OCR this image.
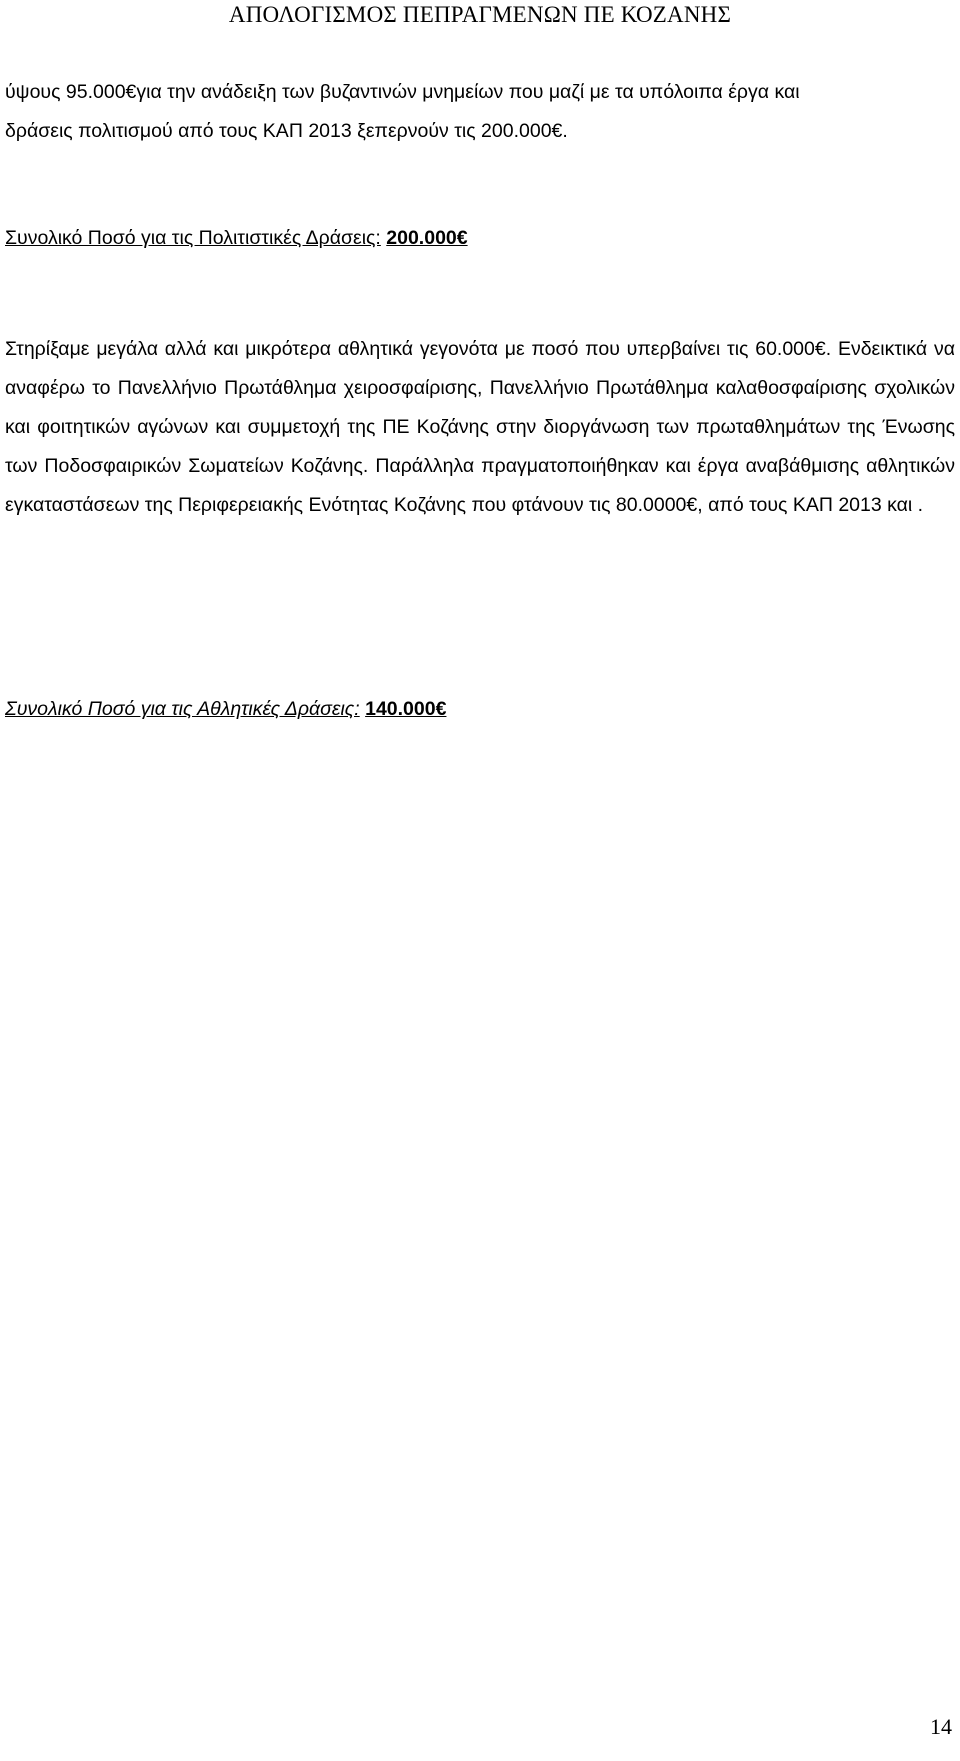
ΑΠΟΛΟΓΙΣΜΟΣ ΠΕΠΡΑΓΜΕΝΩΝ ΠΕ ΚΟΖΑΝΗΣ
ύψους 95.000€για την ανάδειξη των βυζαντινών μνημείων που μαζί με τα υπόλοιπα έργα και
δράσεις πολιτισμού από τους ΚΑΠ 2013 ξεπερνούν τις 200.000€.
Συνολικό Ποσό για τις Πολιτιστικές Δράσεις: 200.000€
Στηρίξαμε μεγάλα αλλά και μικρότερα αθλητικά γεγονότα με ποσό που υπερβαίνει τις 60.000€. Ενδεικτικά να αναφέρω το Πανελλήνιο Πρωτάθλημα χειροσφαίρισης, Πανελλήνιο Πρωτάθλημα καλαθοσφαίρισης σχολικών και φοιτητικών αγώνων και συμμετοχή της ΠΕ Κοζάνης στην διοργάνωση των πρωταθλημάτων της Ένωσης των Ποδοσφαιρικών Σωματείων Κοζάνης. Παράλληλα πραγματοποιήθηκαν και έργα αναβάθμισης αθλητικών εγκαταστάσεων της Περιφερειακής Ενότητας Κοζάνης που φτάνουν τις 80.0000€, από τους ΚΑΠ 2013 και .
Συνολικό Ποσό για τις Αθλητικές Δράσεις: 140.000€
14
